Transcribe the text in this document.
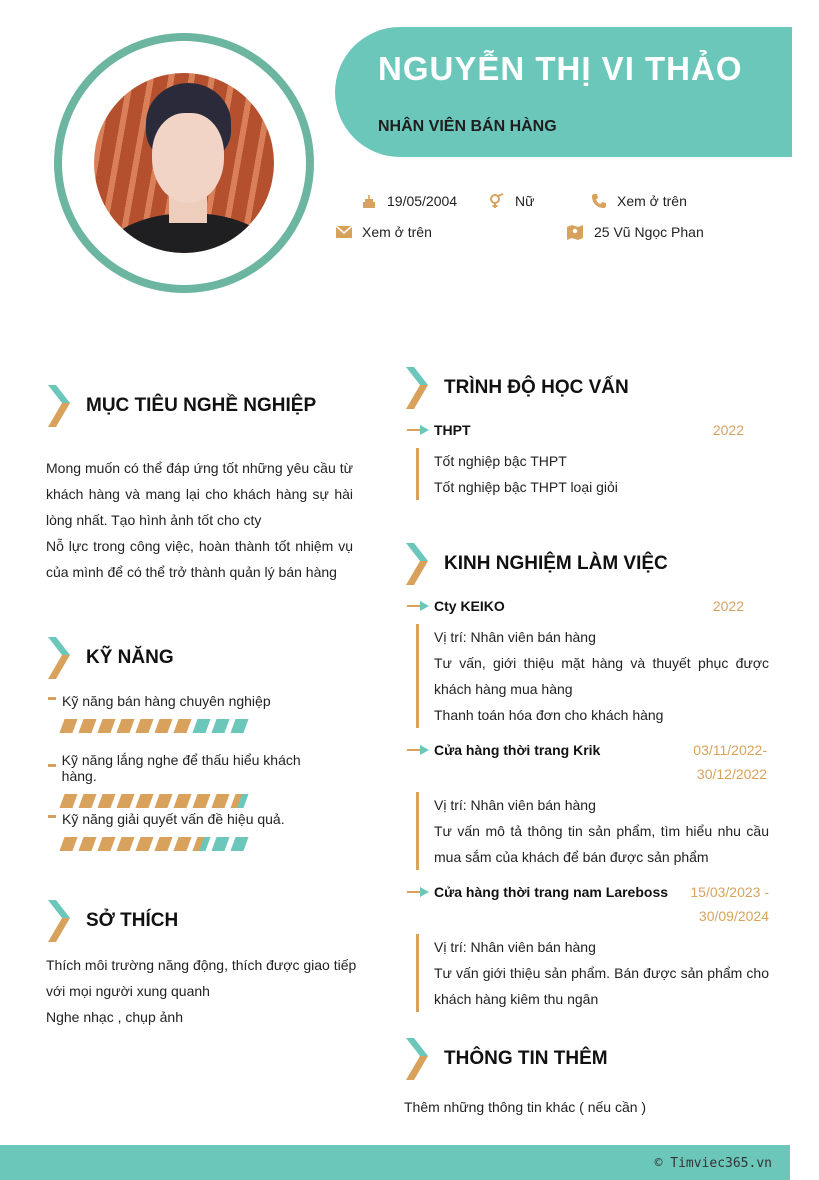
NGUYỄN THỊ VI THẢO
NHÂN VIÊN BÁN HÀNG
19/05/2004	Nữ	Xem ở trên
Xem ở trên	25 Vũ Ngọc Phan
MỤC TIÊU NGHỀ NGHIỆP
Mong muốn có thể đáp ứng tốt những yêu cầu từ khách hàng và mang lại cho khách hàng sự hài lòng nhất. Tạo hình ảnh tốt cho cty
Nỗ lực trong công việc, hoàn thành tốt nhiệm vụ của mình để có thể trở thành quản lý bán hàng
KỸ NĂNG
Kỹ năng bán hàng chuyên nghiệp
Kỹ năng lắng nghe để thấu hiểu khách hàng.
Kỹ năng giải quyết vấn đề hiệu quả.
SỞ THÍCH
Thích môi trường năng động, thích được giao tiếp với mọi người xung quanh
Nghe nhạc , chụp ảnh
TRÌNH ĐỘ HỌC VẤN
THPT	2022
Tốt nghiệp bậc THPT
Tốt nghiệp bậc THPT loại giỏi
KINH NGHIỆM LÀM VIỆC
Cty KEIKO	2022
Vị trí: Nhân viên bán hàng
Tư vấn, giới thiệu mặt hàng và thuyết phục được khách hàng mua hàng
Thanh toán hóa đơn cho khách hàng
Cửa hàng thời trang Krik	03/11/2022-
30/12/2022
Vị trí: Nhân viên bán hàng
Tư vấn mô tả thông tin sản phẩm, tìm hiểu nhu cầu mua sắm của khách để bán được sản phẩm
Cửa hàng thời trang nam Lareboss 15/03/2023 -
30/09/2024
Vị trí: Nhân viên bán hàng
Tư vấn giới thiệu sản phẩm. Bán được sản phẩm cho khách hàng kiêm thu ngân
THÔNG TIN THÊM
Thêm những thông tin khác ( nếu cần )
© Timviec365.vn
